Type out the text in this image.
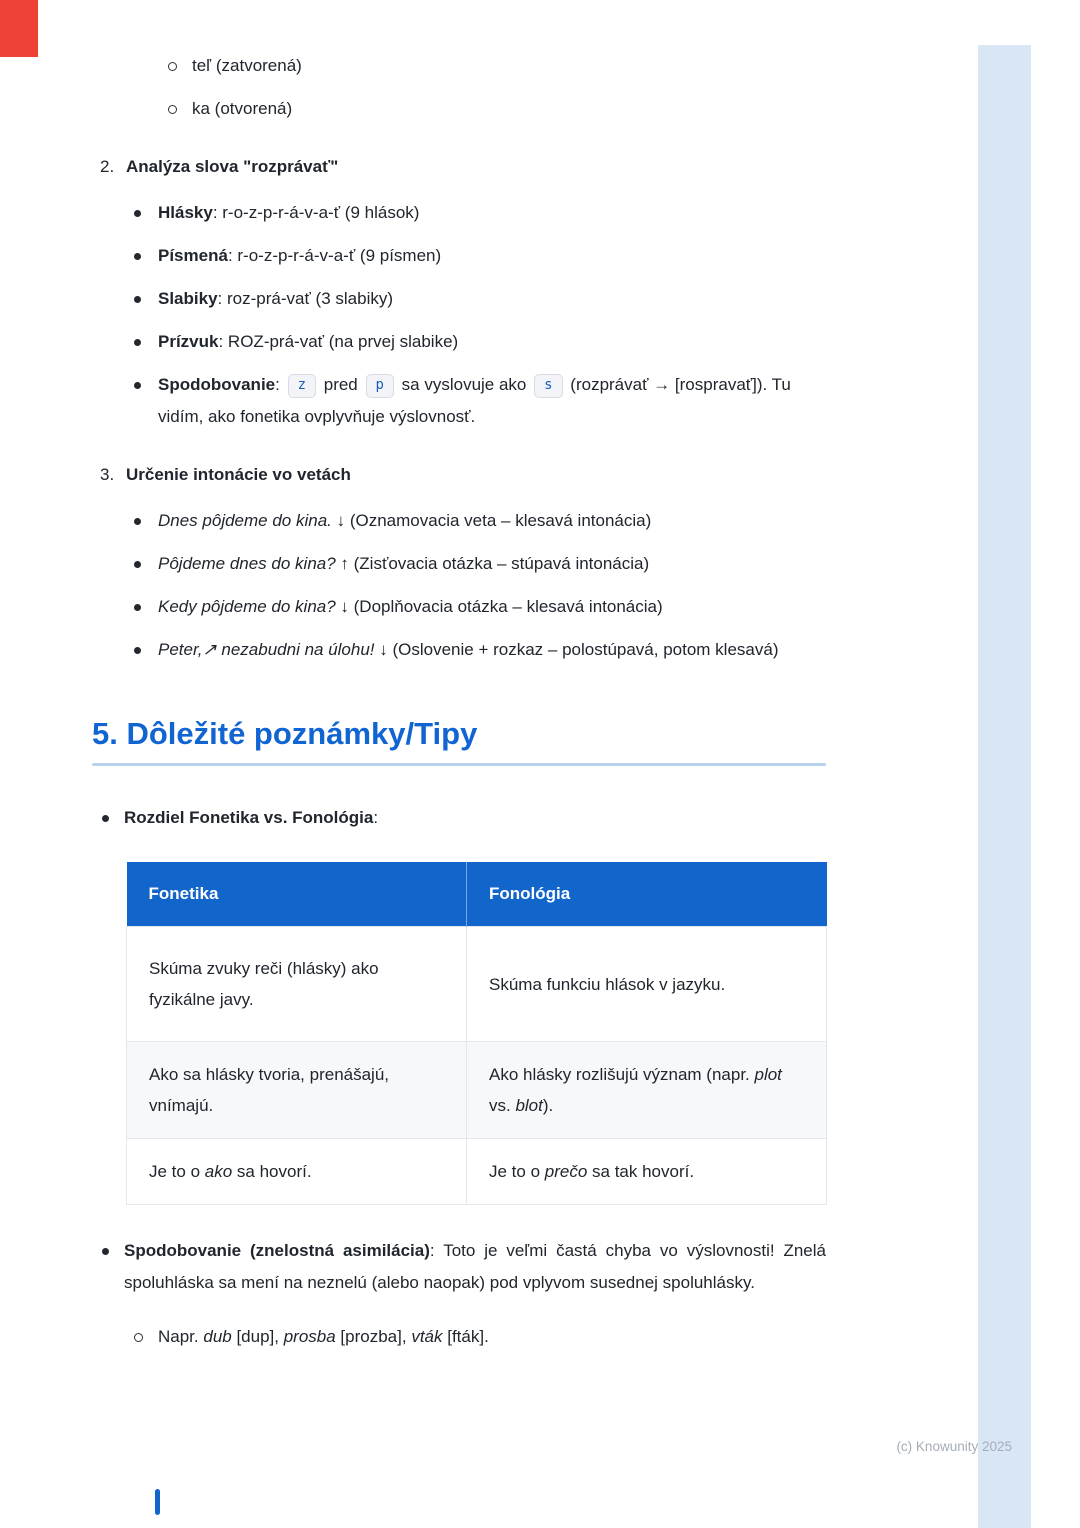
teľ (zatvorená)
ka (otvorená)
2. Analýza slova "rozprávať"
Hlásky: r-o-z-p-r-á-v-a-ť (9 hlások)
Písmená: r-o-z-p-r-á-v-a-ť (9 písmen)
Slabiky: roz-prá-vať (3 slabiky)
Prízvuk: ROZ-prá-vať (na prvej slabike)
Spodobovanie: z pred p sa vyslovuje ako s (rozprávať → [rospravať]). Tu vidím, ako fonetika ovplyvňuje výslovnosť.
3. Určenie intonácie vo vetách
Dnes pôjdeme do kina. ↓ (Oznamovacia veta – klesavá intonácia)
Pôjdeme dnes do kina? ↑ (Zisťovacia otázka – stúpavá intonácia)
Kedy pôjdeme do kina? ↓ (Doplňovacia otázka – klesavá intonácia)
Peter,↗ nezabudni na úlohu! ↓ (Oslovenie + rozkaz – polostúpavá, potom klesavá)
5. Dôležité poznámky/Tipy
Rozdiel Fonetika vs. Fonológia:
Fonetika	Fonológia
Skúma zvuky reči (hlásky) ako fyzikálne javy.	Skúma funkciu hlások v jazyku.
Ako sa hlásky tvoria, prenášajú, vnímajú.	Ako hlásky rozlišujú význam (napr. plot vs. blot).
Je to o ako sa hovorí.	Je to o prečo sa tak hovorí.
Spodobovanie (znelostná asimilácia): Toto je veľmi častá chyba vo výslovnosti! Znelá spoluhláska sa mení na neznelú (alebo naopak) pod vplyvom susednej spoluhlásky.
Napr. dub [dup], prosba [prozba], vták [fták].
(c) Knowunity 2025
